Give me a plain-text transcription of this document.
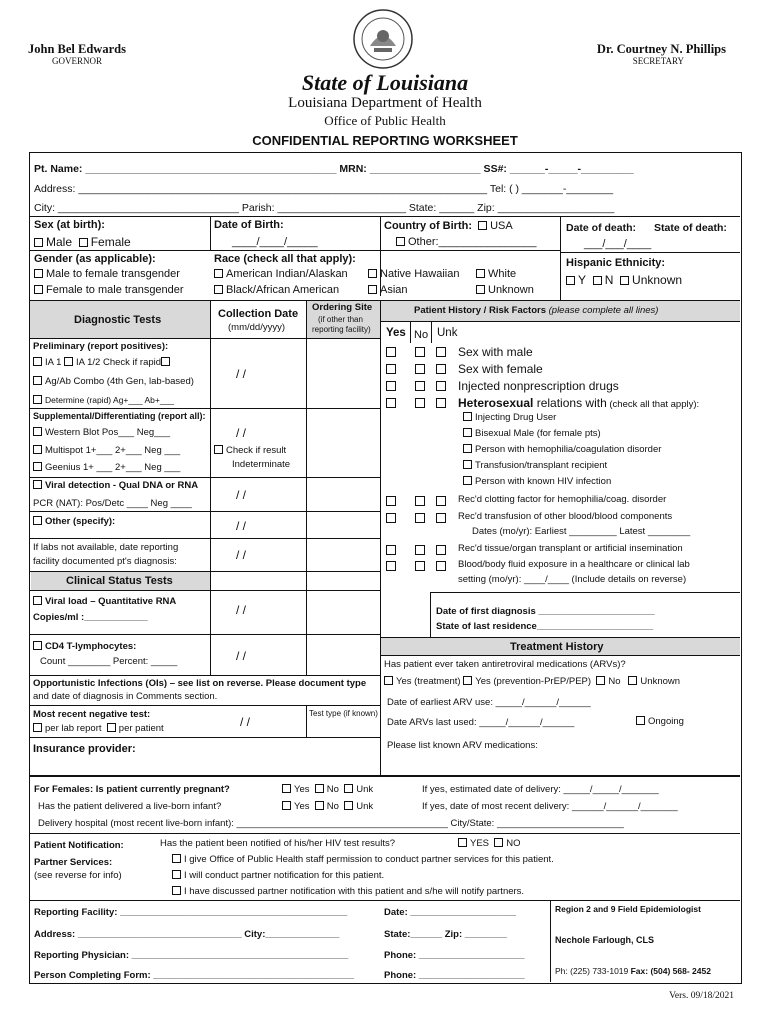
John Bel Edwards
GOVERNOR
Dr. Courtney N. Phillips
SECRETARY
State of Louisiana
Louisiana Department of Health
Office of Public Health
CONFIDENTIAL REPORTING WORKSHEET
Pt. Name: ___________________________________________ MRN: ___________________ SS#: ______-_____-_________
Address: ______________________________________________________________________ Tel: ( ) _______-________
City: _______________________________ Parish: ______________________ State: ______ Zip: ____________________
Sex (at birth):
Male Female
Date of Birth:
____/____/_____
Country of Birth: USA
Other:________________
Date of death: State of death:
___/___/____
Gender (as applicable):
Male to female transgender
Female to male transgender
Race (check all that apply):
American Indian/Alaskan	Native Hawaiian	White
Black/African American	Asian	Unknown
Hispanic Ethnicity:
Y N Unknown
Diagnostic Tests	Collection Date
(mm/dd/yyyy)
Ordering Site
(if other than
reporting facility)
Preliminary (report positives):
IA 1 IA 1/2 Check if rapid
Ag/Ab Combo (4th Gen, lab-based)
Determine (rapid) Ag+___ Ab+___
/ /
Supplemental/Differentiating (report all):
Western Blot Pos___ Neg___
Multispot 1+___ 2+___ Neg ___
Geenius 1+ ___ 2+___ Neg ___
/ /
Check if result
Indeterminate
Viral detection - Qual DNA or RNA
PCR (NAT): Pos/Detc ____ Neg ____
/ /
Other (specify):	/ /
If labs not available, date reporting
facility documented pt's diagnosis:	/ /
Clinical Status Tests
Viral load – Quantitative RNA
Copies/ml :____________
/ /
CD4 T-lymphocytes:
Count ________ Percent: _____	/ /
Opportunistic Infections (OIs) – see list on reverse. Please document type
and date of diagnosis in Comments section.
Most recent negative test:	Test type (if known)
per lab report per patient	/ /
Insurance provider:
Patient History / Risk Factors (please complete all lines)
Yes No Unk
Sex with male
Sex with female
Injected nonprescription drugs
Heterosexual relations with (check all that apply):
Injecting Drug User
Bisexual Male (for female pts)
Person with hemophilia/coagulation disorder
Transfusion/transplant recipient
Person with known HIV infection
Rec'd clotting factor for hemophilia/coag. disorder
Rec'd transfusion of other blood/blood components
Dates (mo/yr): Earliest _________ Latest ________
Rec'd tissue/organ transplant or artificial insemination
Blood/body fluid exposure in a healthcare or clinical lab
setting (mo/yr): ____/____ (Include details on reverse)
Date of first diagnosis ______________________
State of last residence______________________
Treatment History
Has patient ever taken antiretroviral medications (ARVs)?
Yes (treatment) Yes (prevention-PrEP/PEP) No Unknown
Date of earliest ARV use: _____/______/______
Date ARVs last used: _____/______/______	Ongoing
Please list known ARV medications:
For Females: Is patient currently pregnant?	Yes  No  Unk	If yes, estimated date of delivery: _____/_____/_______
Has the patient delivered a live-born infant?	Yes  No  Unk	If yes, date of most recent delivery: ______/______/_______
Delivery hospital (most recent live-born infant): ________________________________________ City/State: ________________________
Patient Notification:	Has the patient been notified of his/her HIV test results?	YES NO
Partner Services:
(see reverse for info)
I give Office of Public Health staff permission to conduct partner services for this patient.
I will conduct partner notification for this patient.
I have discussed partner notification with this patient and s/he will notify partners.
Reporting Facility: ___________________________________________	Date: ____________________
Address: _______________________________ City:______________	State:______ Zip: ________
Reporting Physician: _________________________________________	Phone: ____________________
Person Completing Form: ______________________________________	Phone: ____________________
Region 2 and 9 Field Epidemiologist
Nechole Farlough, CLS
Ph: (225) 733-1019 Fax: (504) 568- 2452
Vers. 09/18/2021
